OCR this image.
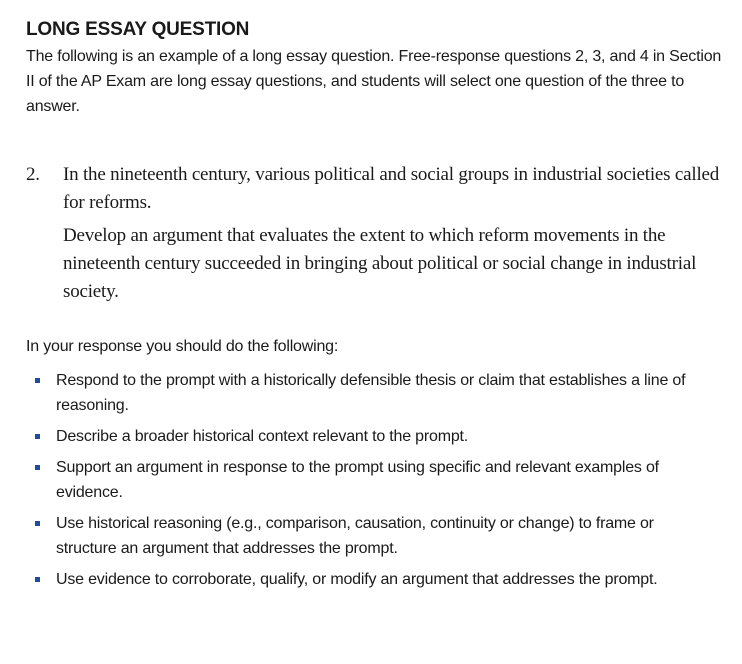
LONG ESSAY QUESTION

The following is an example of a long essay question. Free-response questions 2, 3, and 4 in Section II of the AP Exam are long essay questions, and students will select one question of the three to answer.

2. In the nineteenth century, various political and social groups in industrial societies called for reforms.

Develop an argument that evaluates the extent to which reform movements in the nineteenth century succeeded in bringing about political or social change in industrial society.

In your response you should do the following:

Respond to the prompt with a historically defensible thesis or claim that establishes a line of reasoning.
Describe a broader historical context relevant to the prompt.
Support an argument in response to the prompt using specific and relevant examples of evidence.
Use historical reasoning (e.g., comparison, causation, continuity or change) to frame or structure an argument that addresses the prompt.
Use evidence to corroborate, qualify, or modify an argument that addresses the prompt.
